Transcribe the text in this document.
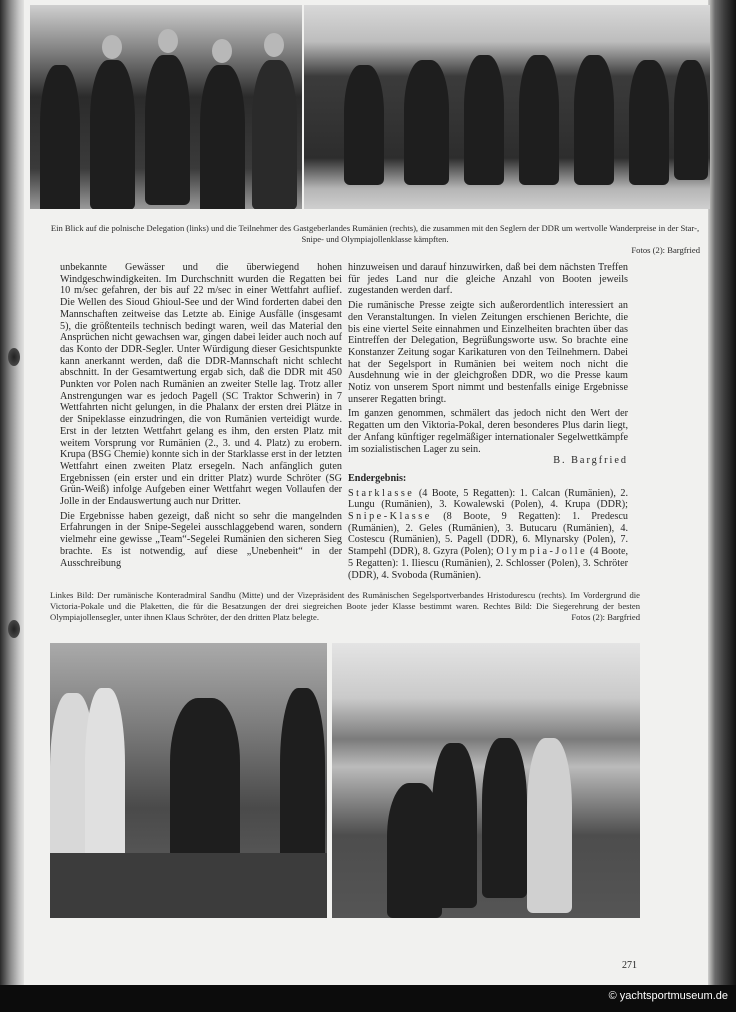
Ein Blick auf die polnische Delegation (links) und die Teilnehmer des Gastgeberlandes Rumänien (rechts), die zusammen mit den Seglern der DDR um wertvolle Wanderpreise in der Star-, Snipe- und Olympiajollenklasse kämpften.
Fotos (2): Bargfried

unbekannte Gewässer und die überwiegend hohen Windgeschwindigkeiten. Im Durchschnitt wurden die Regatten bei 10 m/sec gefahren, der bis auf 22 m/sec in einer Wettfahrt auflief. Die Wellen des Sioud Ghioul-See und der Wind forderten dabei den Mannschaften zeitweise das Letzte ab. Einige Ausfälle (insgesamt 5), die größtenteils technisch bedingt waren, weil das Material den Ansprüchen nicht gewachsen war, gingen dabei leider auch noch auf das Konto der DDR-Segler. Unter Würdigung dieser Gesichtspunkte kann anerkannt werden, daß die DDR-Mannschaft nicht schlecht abschnitt. In der Gesamtwertung ergab sich, daß die DDR mit 450 Punkten vor Polen nach Rumänien an zweiter Stelle lag. Trotz aller Anstrengungen war es jedoch Pagell (SC Traktor Schwerin) in 7 Wettfahrten nicht gelungen, in die Phalanx der ersten drei Plätze in der Snipeklasse einzudringen, die von Rumänien verteidigt wurde. Erst in der letzten Wettfahrt gelang es ihm, den ersten Platz mit weitem Vorsprung vor Rumänien (2., 3. und 4. Platz) zu erobern. Krupa (BSG Chemie) konnte sich in der Starklasse erst in der letzten Wettfahrt einen zweiten Platz ersegeln. Nach anfänglich guten Ergebnissen (ein erster und ein dritter Platz) wurde Schröter (SG Grün-Weiß) infolge Aufgeben einer Wettfahrt wegen Vollaufen der Jolle in der Endauswertung auch nur Dritter.

Die Ergebnisse haben gezeigt, daß nicht so sehr die mangelnden Erfahrungen in der Snipe-Segelei ausschlaggebend waren, sondern vielmehr eine gewisse „Team“-Segelei Rumänien den sicheren Sieg brachte. Es ist notwendig, auf diese „Unebenheit“ in der Ausschreibung

hinzuweisen und darauf hinzuwirken, daß bei dem nächsten Treffen für jedes Land nur die gleiche Anzahl von Booten jeweils zugestanden werden darf.

Die rumänische Presse zeigte sich außerordentlich interessiert an den Veranstaltungen. In vielen Zeitungen erschienen Berichte, die bis eine viertel Seite einnahmen und Einzelheiten brachten über das Eintreffen der Delegation, Begrüßungsworte usw. So brachte eine Konstanzer Zeitung sogar Karikaturen von den Teilnehmern. Dabei hat der Segelsport in Rumänien bei weitem noch nicht die Ausdehnung wie in der gleichgroßen DDR, wo die Presse kaum Notiz von unserem Sport nimmt und bestenfalls einige Ergebnisse unserer Regatten bringt.

Im ganzen genommen, schmälert das jedoch nicht den Wert der Regatten um den Viktoria-Pokal, deren besonderes Plus darin liegt, der Anfang künftiger regelmäßiger internationaler Segelwettkämpfe im sozialistischen Lager zu sein.

B. Bargfried

Endergebnis:

Starklasse (4 Boote, 5 Regatten): 1. Calcan (Rumänien), 2. Lungu (Rumänien), 3. Kowalewski (Polen), 4. Krupa (DDR); Snipe-Klasse (8 Boote, 9 Regatten): 1. Predescu (Rumänien), 2. Geles (Rumänien), 3. Butucaru (Rumänien), 4. Costescu (Rumänien), 5. Pagell (DDR), 6. Mlynarsky (Polen), 7. Stampehl (DDR), 8. Gzyra (Polen); Olympia-Jolle (4 Boote, 5 Regatten): 1. Iliescu (Rumänien), 2. Schlosser (Polen), 3. Schröter (DDR), 4. Svoboda (Rumänien).

Linkes Bild: Der rumänische Konteradmiral Sandhu (Mitte) und der Vizepräsident des Rumänischen Segelsportverbandes Hristodurescu (rechts). Im Vordergrund die Victoria-Pokale und die Plaketten, die für die Besatzungen der drei siegreichen Boote jeder Klasse bestimmt waren. Rechtes Bild: Die Siegerehrung der besten Olympiajollensegler, unter ihnen Klaus Schröter, der den dritten Platz belegte.	Fotos (2): Bargfried
271
© yachtsportmuseum.de
